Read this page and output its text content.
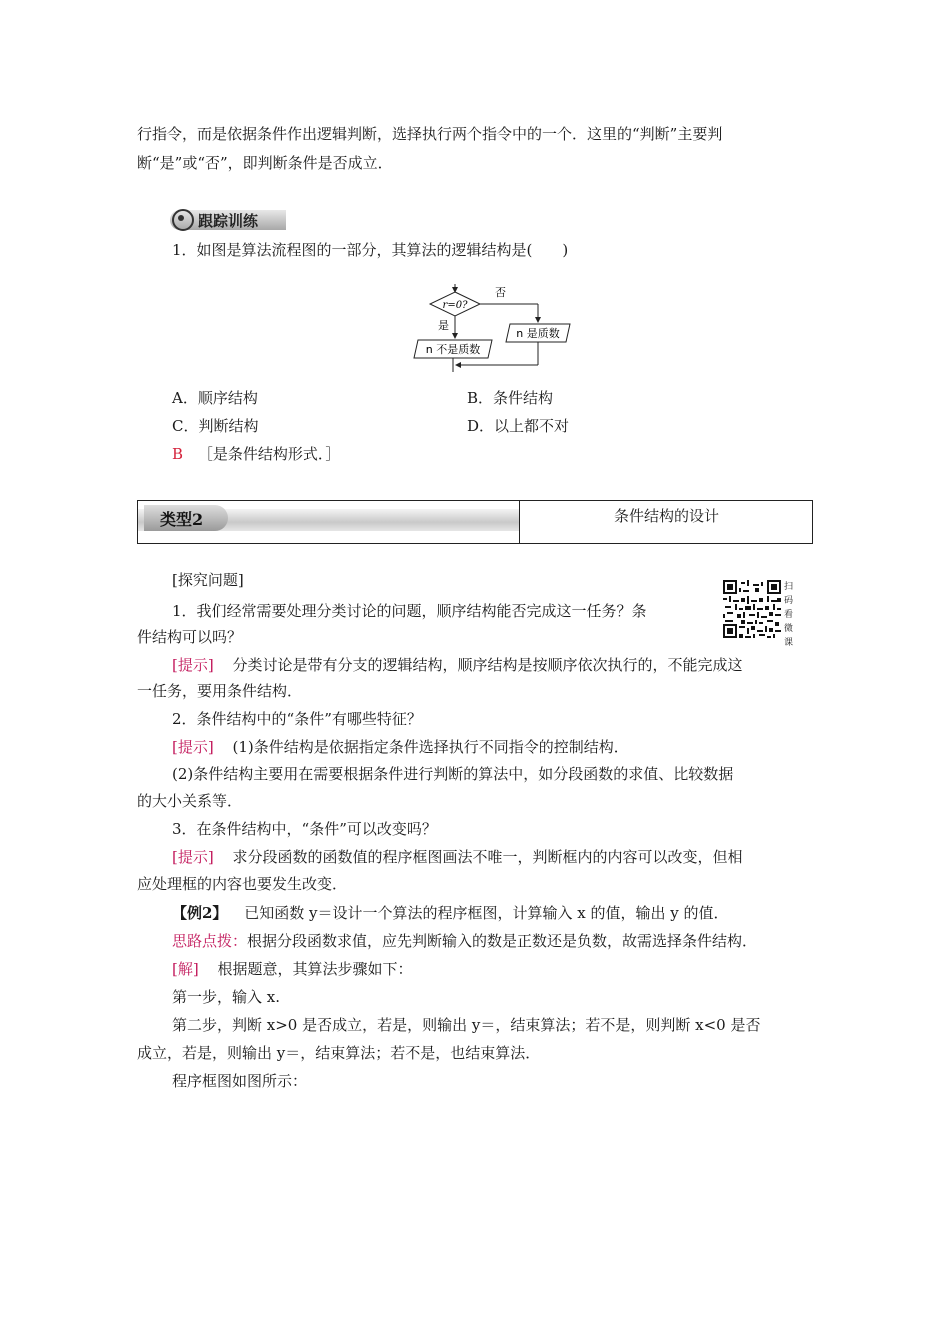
行指令，而是依据条件作出逻辑判断，选择执行两个指令中的一个．这里的“判断”主要判
断“是”或“否”，即判断条件是否成立．
跟踪训练
1．如图是算法流程图的一部分，其算法的逻辑结构是(　　)
r=0?
否
是
n 不是质数
n 是质数
A．顺序结构	B．条件结构
C．判断结构	D．以上都不对
B ［是条件结构形式．］
类型2	条件结构的设计
[探究问题]	扫码看微课
1．我们经常需要处理分类讨论的问题，顺序结构能否完成这一任务？条
件结构可以吗？
[提示] 分类讨论是带有分支的逻辑结构，顺序结构是按顺序依次执行的，不能完成这
一任务，要用条件结构．
2．条件结构中的“条件”有哪些特征？
[提示] (1)条件结构是依据指定条件选择执行不同指令的控制结构．
(2)条件结构主要用在需要根据条件进行判断的算法中，如分段函数的求值、比较数据
的大小关系等．
3．在条件结构中，“条件”可以改变吗？
[提示] 求分段函数的函数值的程序框图画法不唯一，判断框内的内容可以改变，但相
应处理框的内容也要发生改变．
【例2】 已知函数 y＝设计一个算法的程序框图，计算输入 x 的值，输出 y 的值．
思路点拨：根据分段函数求值，应先判断输入的数是正数还是负数，故需选择条件结构．
[解] 根据题意，其算法步骤如下：
第一步，输入 x.
第二步，判断 x>0 是否成立，若是，则输出 y＝，结束算法；若不是，则判断 x<0 是否
成立，若是，则输出 y＝，结束算法；若不是，也结束算法．
程序框图如图所示：
